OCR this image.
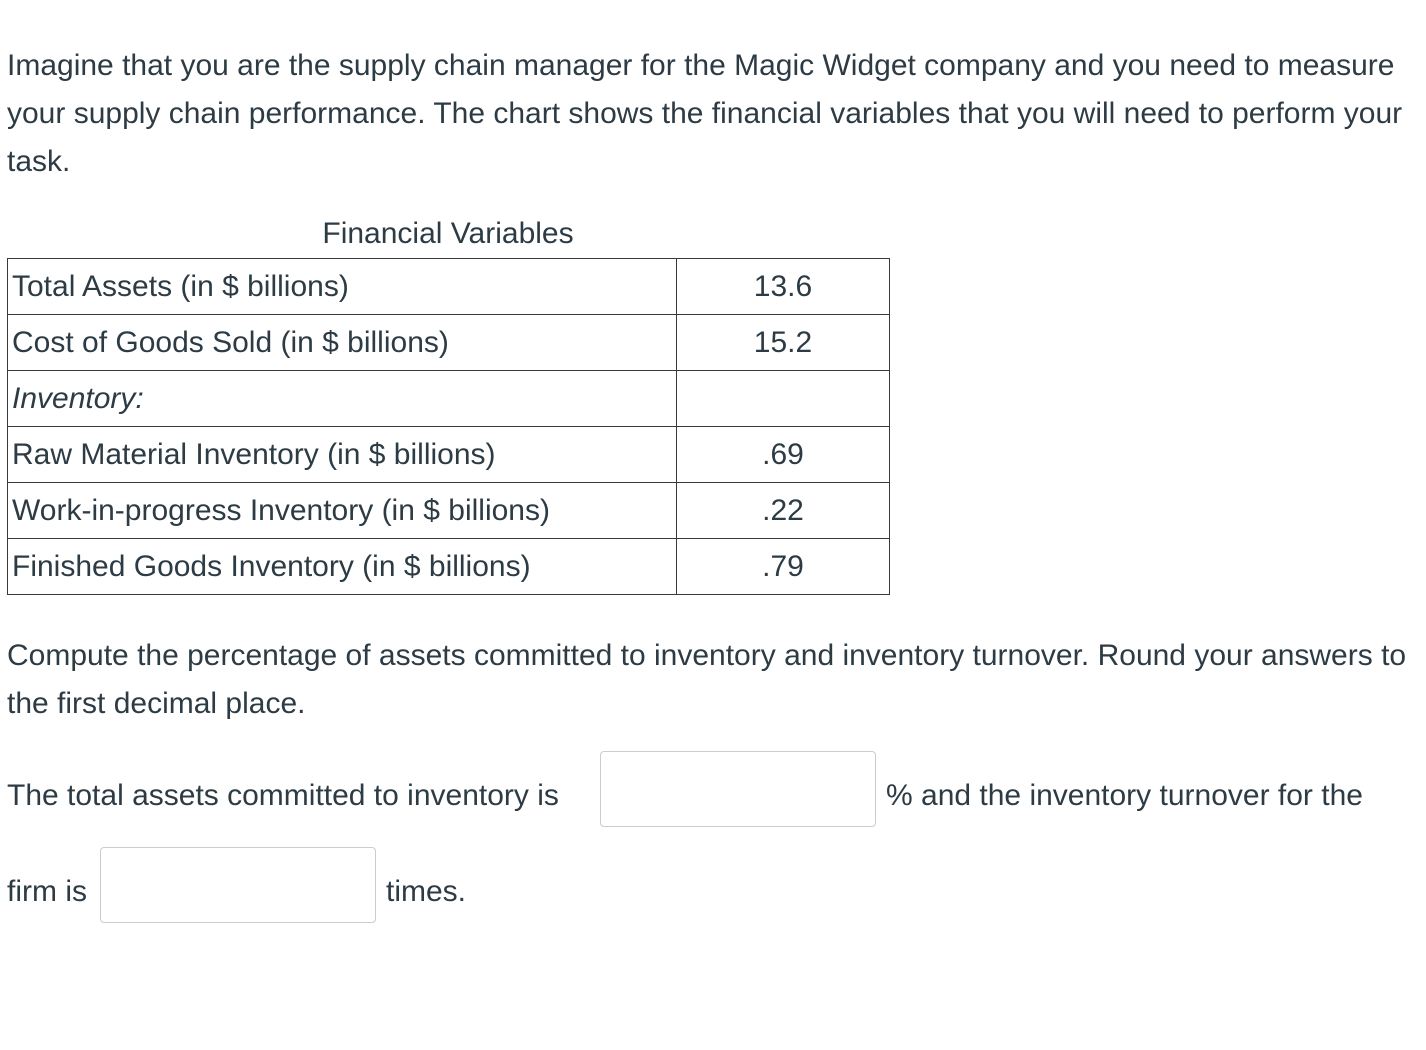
Imagine that you are the supply chain manager for the Magic Widget company and you need to measure your supply chain performance. The chart shows the financial variables that you will need to perform your task.

Financial Variables
Total Assets (in $ billions)	13.6
Cost of Goods Sold (in $ billions)	15.2
Inventory:	
Raw Material Inventory (in $ billions)	.69
Work-in-progress Inventory (in $ billions)	.22
Finished Goods Inventory (in $ billions)	.79

Compute the percentage of assets committed to inventory and inventory turnover. Round your answers to the first decimal place.

The total assets committed to inventory is	% and the inventory turnover for the
firm is	times.
